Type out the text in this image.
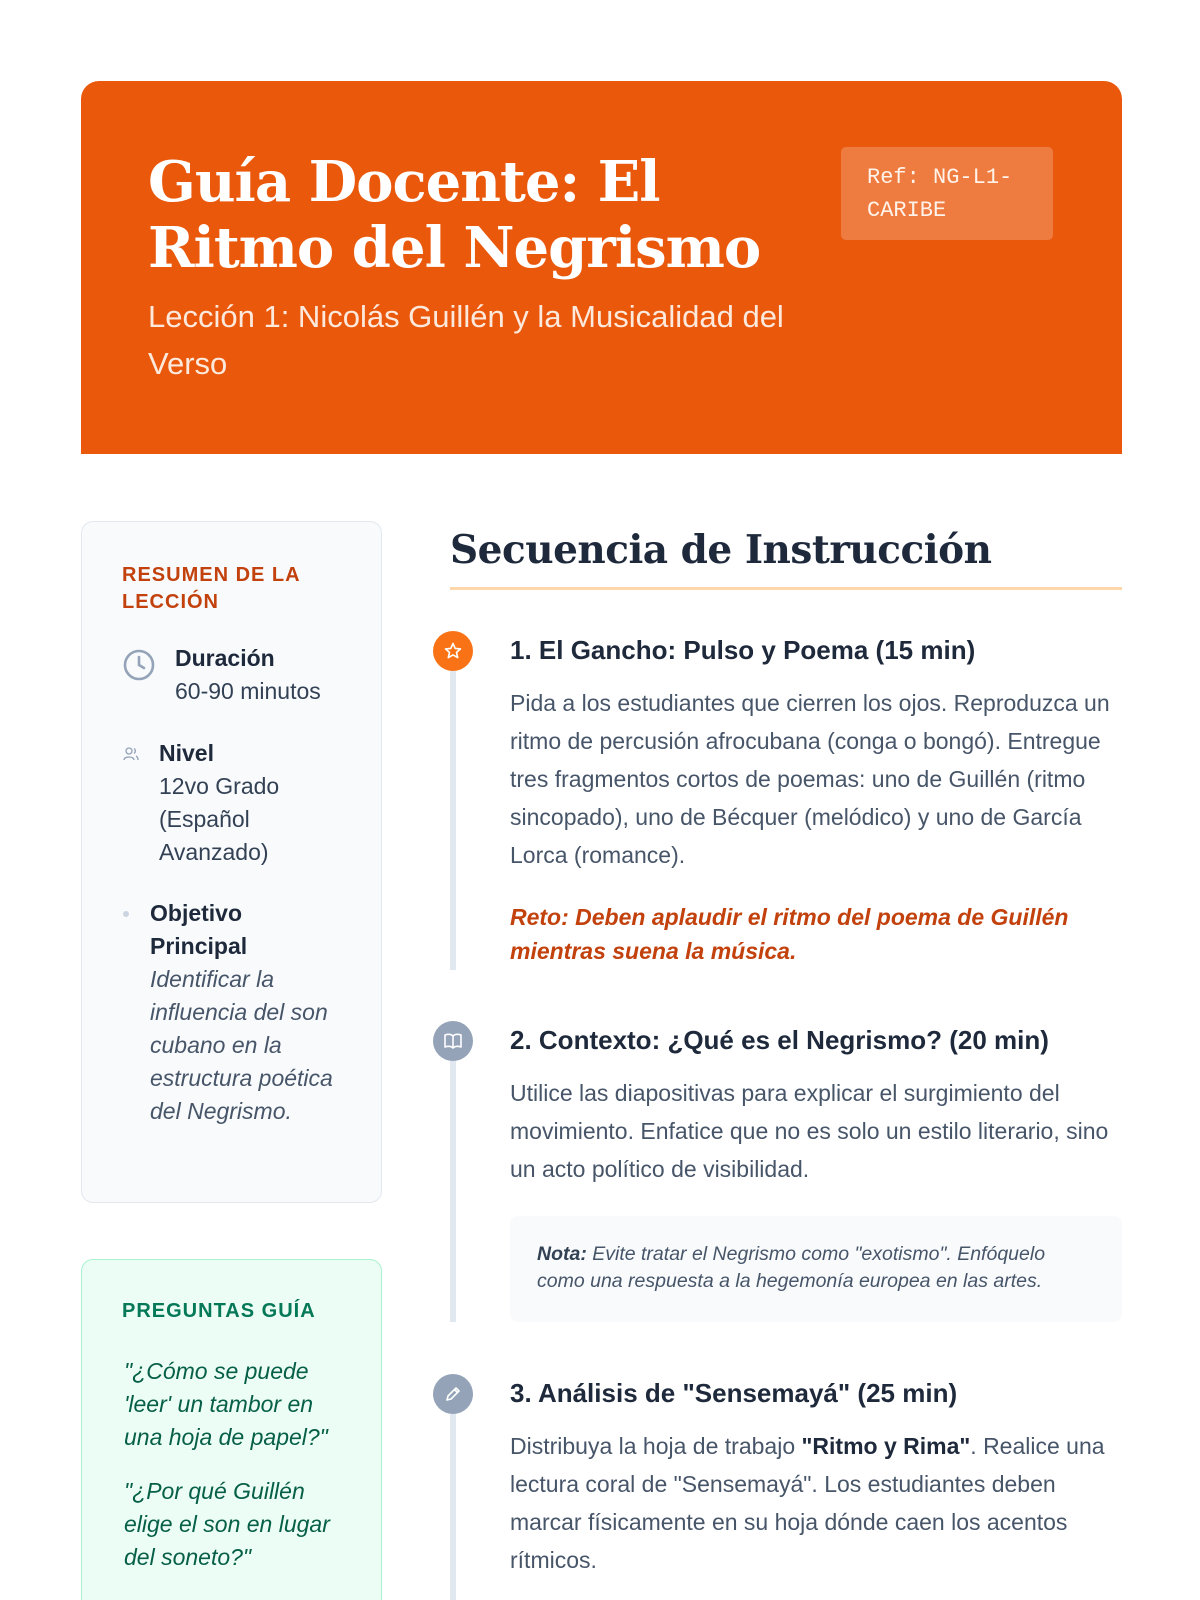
Guía Docente: El Ritmo del Negrismo
Lección 1: Nicolás Guillén y la Musicalidad del Verso
Ref: NG-L1-CARIBE
RESUMEN DE LA LECCIÓN
Duración
60-90 minutos
Nivel
12vo Grado (Español Avanzado)
Objetivo Principal
Identificar la influencia del son cubano en la estructura poética del Negrismo.
PREGUNTAS GUÍA
"¿Cómo se puede 'leer' un tambor en una hoja de papel?"
"¿Por qué Guillén elige el son en lugar del soneto?"
Secuencia de Instrucción
1. El Gancho: Pulso y Poema (15 min)
Pida a los estudiantes que cierren los ojos. Reproduzca un ritmo de percusión afrocubana (conga o bongó). Entregue tres fragmentos cortos de poemas: uno de Guillén (ritmo sincopado), uno de Bécquer (melódico) y uno de García Lorca (romance).
Reto: Deben aplaudir el ritmo del poema de Guillén mientras suena la música.
2. Contexto: ¿Qué es el Negrismo? (20 min)
Utilice las diapositivas para explicar el surgimiento del movimiento. Enfatice que no es solo un estilo literario, sino un acto político de visibilidad.
Nota: Evite tratar el Negrismo como "exotismo". Enfóquelo como una respuesta a la hegemonía europea en las artes.
3. Análisis de "Sensemayá" (25 min)
Distribuya la hoja de trabajo "Ritmo y Rima". Realice una lectura coral de "Sensemayá". Los estudiantes deben marcar físicamente en su hoja dónde caen los acentos rítmicos.
